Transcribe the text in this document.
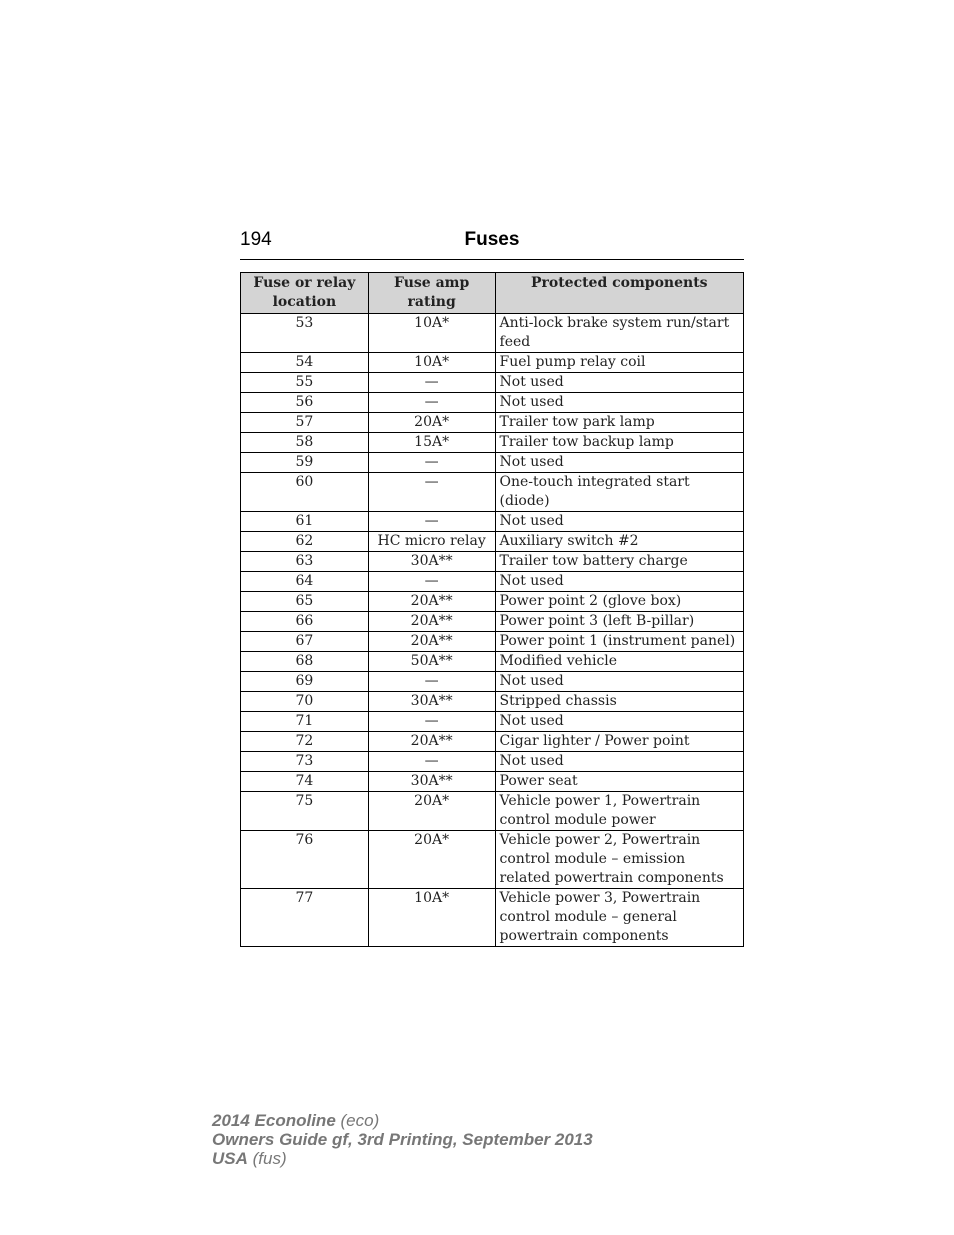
194	Fuses
Fuse or relay location	Fuse amp rating	Protected components
53	10A*	Anti-lock brake system run/start feed
54	10A*	Fuel pump relay coil
55	—	Not used
56	—	Not used
57	20A*	Trailer tow park lamp
58	15A*	Trailer tow backup lamp
59	—	Not used
60	—	One-touch integrated start (diode)
61	—	Not used
62	HC micro relay	Auxiliary switch #2
63	30A**	Trailer tow battery charge
64	—	Not used
65	20A**	Power point 2 (glove box)
66	20A**	Power point 3 (left B-pillar)
67	20A**	Power point 1 (instrument panel)
68	50A**	Modified vehicle
69	—	Not used
70	30A**	Stripped chassis
71	—	Not used
72	20A**	Cigar lighter / Power point
73	—	Not used
74	30A**	Power seat
75	20A*	Vehicle power 1, Powertrain control module power
76	20A*	Vehicle power 2, Powertrain control module – emission related powertrain components
77	10A*	Vehicle power 3, Powertrain control module – general powertrain components
2014 Econoline (eco)
Owners Guide gf, 3rd Printing, September 2013
USA (fus)
